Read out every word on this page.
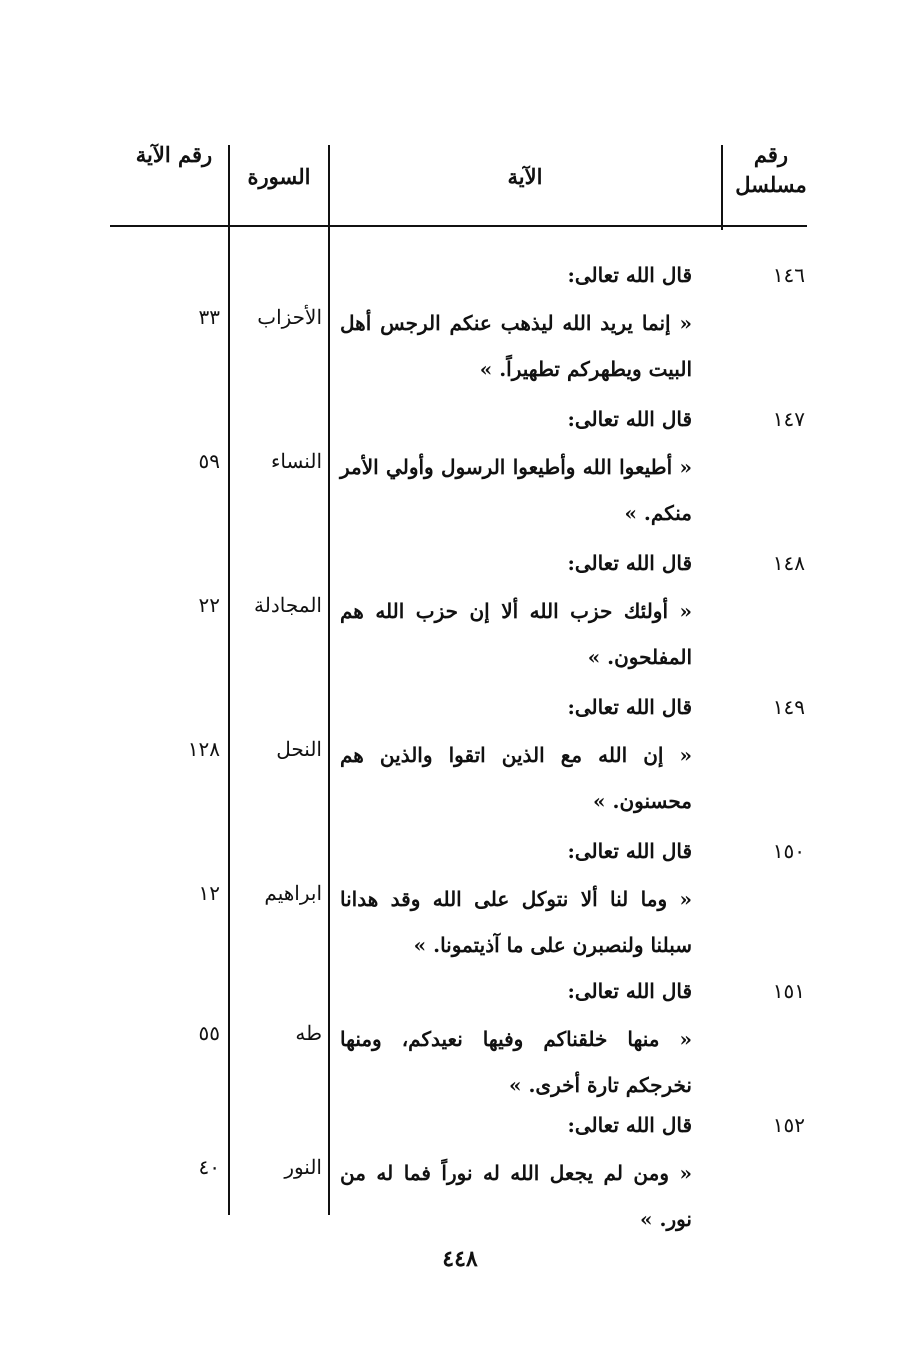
رقم مسلسل
الآية
السورة
رقم الآية
١٤٦
قال الله تعالى:
« إنما يريد الله ليذهب عنكم الرجس أهل البيت ويطهركم تطهيراً. »
الأحزاب
٣٣
١٤٧
قال الله تعالى:
« أطيعوا الله وأطيعوا الرسول وأولي الأمر منكم. »
النساء
٥٩
١٤٨
قال الله تعالى:
« أولئك حزب الله ألا إن حزب الله هم المفلحون. »
المجادلة
٢٢
١٤٩
قال الله تعالى:
« إن الله مع الذين اتقوا والذين هم محسنون. »
النحل
١٢٨
١٥٠
قال الله تعالى:
« وما لنا ألا نتوكل على الله وقد هدانا سبلنا ولنصبرن على ما آذيتمونا. »
ابراهيم
١٢
١٥١
قال الله تعالى:
« منها خلقناكم وفيها نعيدكم، ومنها نخرجكم تارة أخرى. »
طه
٥٥
١٥٢
قال الله تعالى:
« ومن لم يجعل الله له نوراً فما له من نور. »
النور
٤٠
٤٤٨
